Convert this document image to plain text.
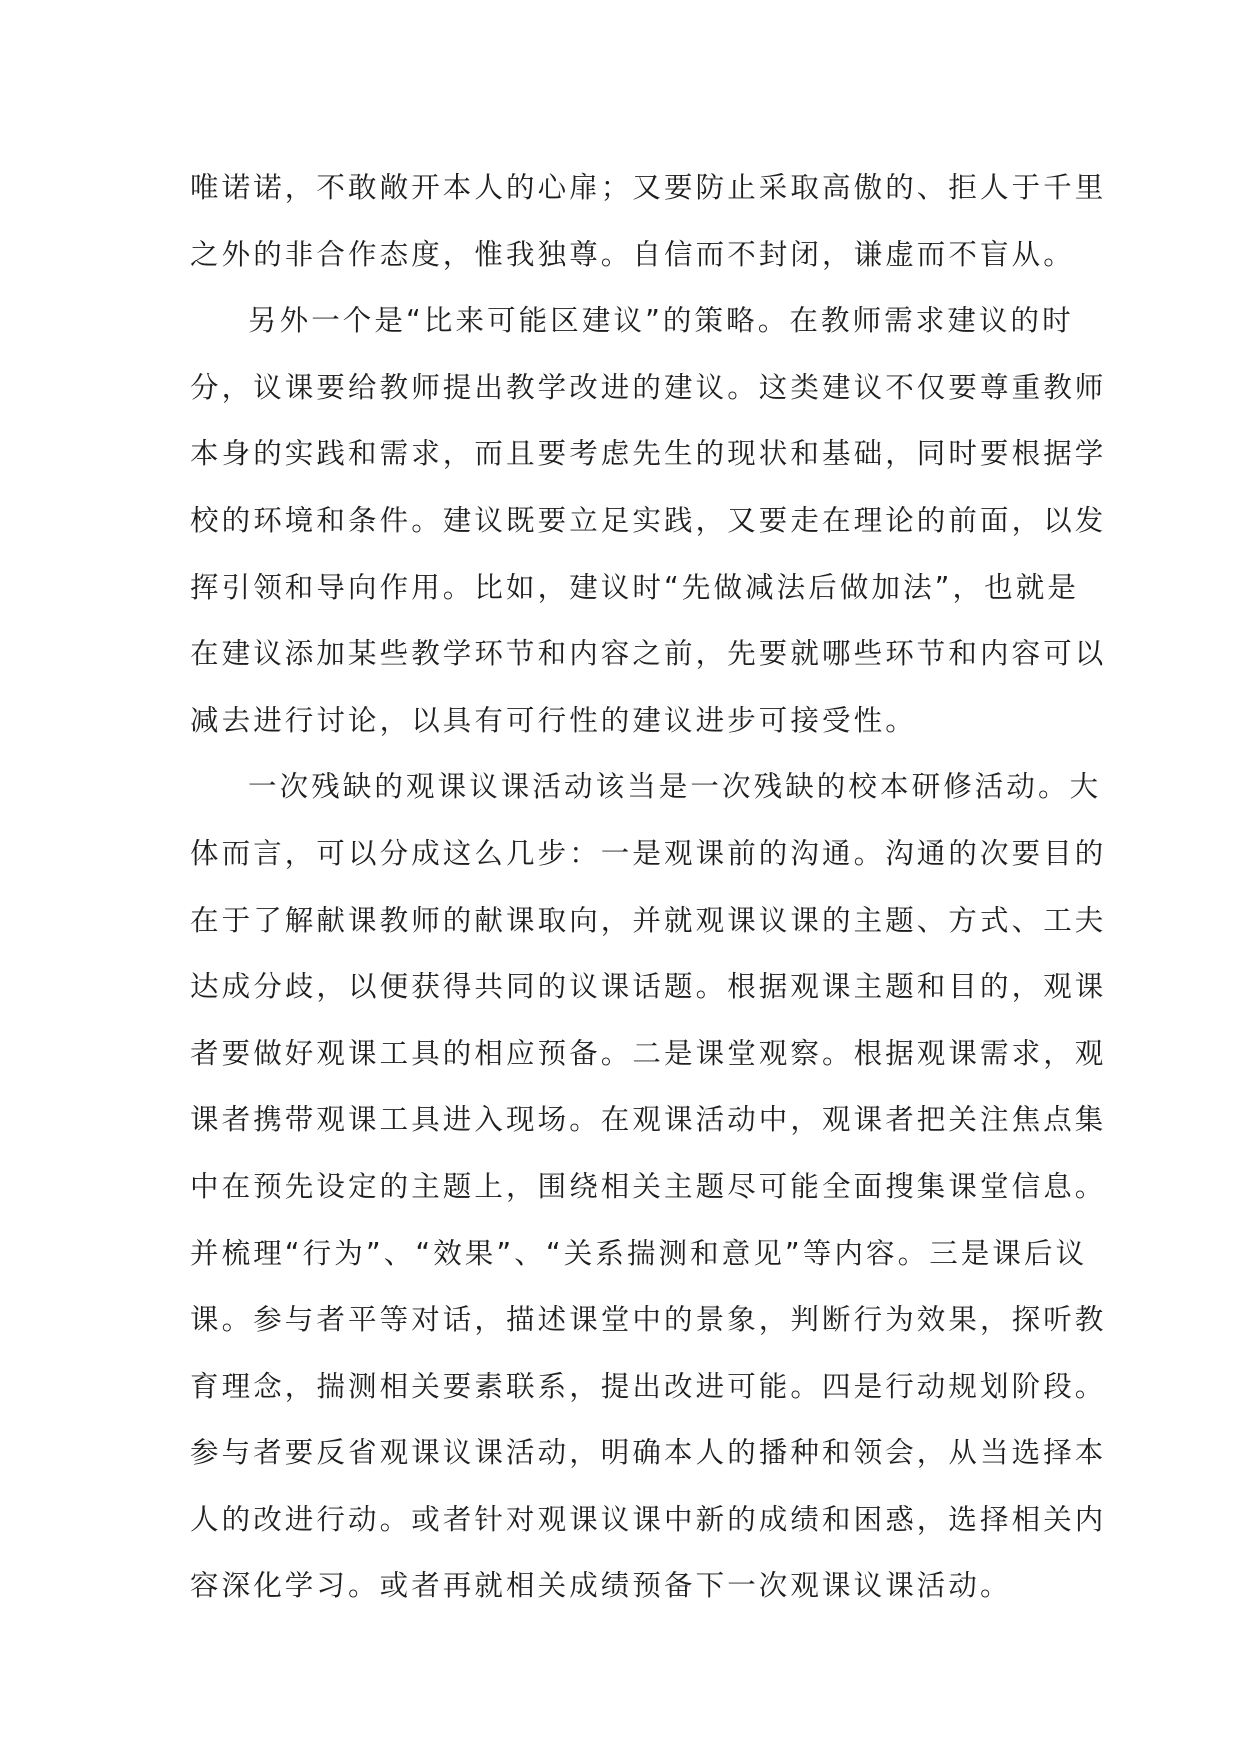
唯诺诺，不敢敞开本人的心扉；又要防止采取高傲的、拒人于千里
之外的非合作态度，惟我独尊。自信而不封闭，谦虚而不盲从。
另外一个是“比来可能区建议”的策略。在教师需求建议的时
分，议课要给教师提出教学改进的建议。这类建议不仅要尊重教师
本身的实践和需求，而且要考虑先生的现状和基础，同时要根据学
校的环境和条件。建议既要立足实践，又要走在理论的前面，以发
挥引领和导向作用。比如，建议时“先做减法后做加法”，也就是
在建议添加某些教学环节和内容之前，先要就哪些环节和内容可以
减去进行讨论，以具有可行性的建议进步可接受性。
一次残缺的观课议课活动该当是一次残缺的校本研修活动。大
体而言，可以分成这么几步：一是观课前的沟通。沟通的次要目的
在于了解献课教师的献课取向，并就观课议课的主题、方式、工夫
达成分歧，以便获得共同的议课话题。根据观课主题和目的，观课
者要做好观课工具的相应预备。二是课堂观察。根据观课需求，观
课者携带观课工具进入现场。在观课活动中，观课者把关注焦点集
中在预先设定的主题上，围绕相关主题尽可能全面搜集课堂信息。
并梳理“行为”、“效果”、“关系揣测和意见”等内容。三是课后议
课。参与者平等对话，描述课堂中的景象，判断行为效果，探听教
育理念，揣测相关要素联系，提出改进可能。四是行动规划阶段。
参与者要反省观课议课活动，明确本人的播种和领会，从当选择本
人的改进行动。或者针对观课议课中新的成绩和困惑，选择相关内
容深化学习。或者再就相关成绩预备下一次观课议课活动。
